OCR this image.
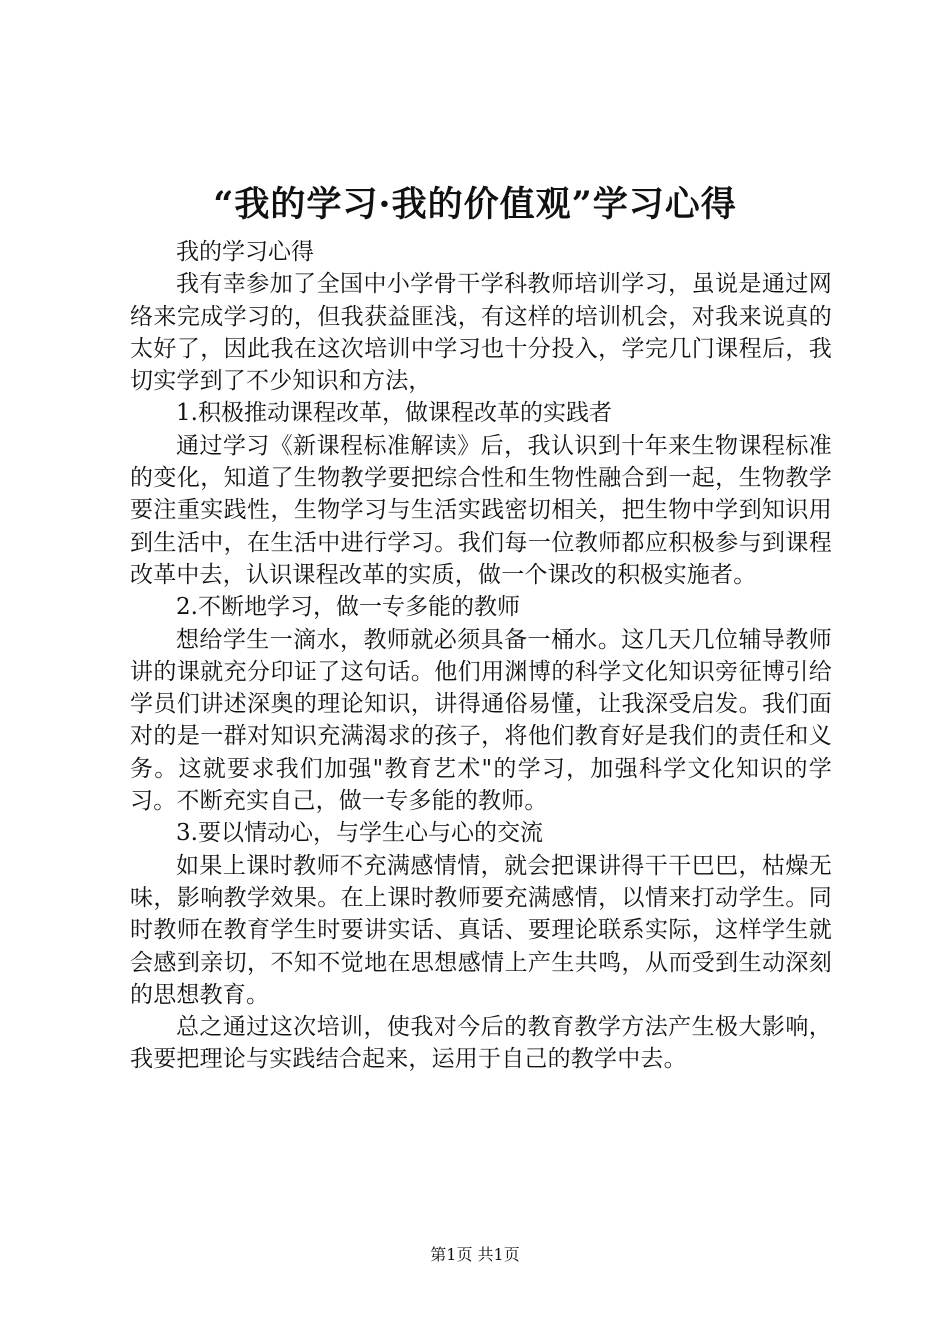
“我的学习·我的价值观”学习心得

我的学习心得

我有幸参加了全国中小学骨干学科教师培训学习，虽说是通过网络来完成学习的，但我获益匪浅，有这样的培训机会，对我来说真的太好了，因此我在这次培训中学习也十分投入，学完几门课程后，我切实学到了不少知识和方法，

1.积极推动课程改革，做课程改革的实践者

通过学习《新课程标准解读》后，我认识到十年来生物课程标准的变化，知道了生物教学要把综合性和生物性融合到一起，生物教学要注重实践性，生物学习与生活实践密切相关，把生物中学到知识用到生活中，在生活中进行学习。我们每一位教师都应积极参与到课程改革中去，认识课程改革的实质，做一个课改的积极实施者。

2.不断地学习，做一专多能的教师

想给学生一滴水，教师就必须具备一桶水。这几天几位辅导教师讲的课就充分印证了这句话。他们用渊博的科学文化知识旁征博引给学员们讲述深奥的理论知识，讲得通俗易懂，让我深受启发。我们面对的是一群对知识充满渴求的孩子，将他们教育好是我们的责任和义务。这就要求我们加强"教育艺术"的学习，加强科学文化知识的学习。不断充实自己，做一专多能的教师。

3.要以情动心，与学生心与心的交流

如果上课时教师不充满感情情，就会把课讲得干干巴巴，枯燥无味，影响教学效果。在上课时教师要充满感情，以情来打动学生。同时教师在教育学生时要讲实话、真话、要理论联系实际，这样学生就会感到亲切，不知不觉地在思想感情上产生共鸣，从而受到生动深刻的思想教育。

总之通过这次培训，使我对今后的教育教学方法产生极大影响，我要把理论与实践结合起来，运用于自己的教学中去。

第1页 共1页
